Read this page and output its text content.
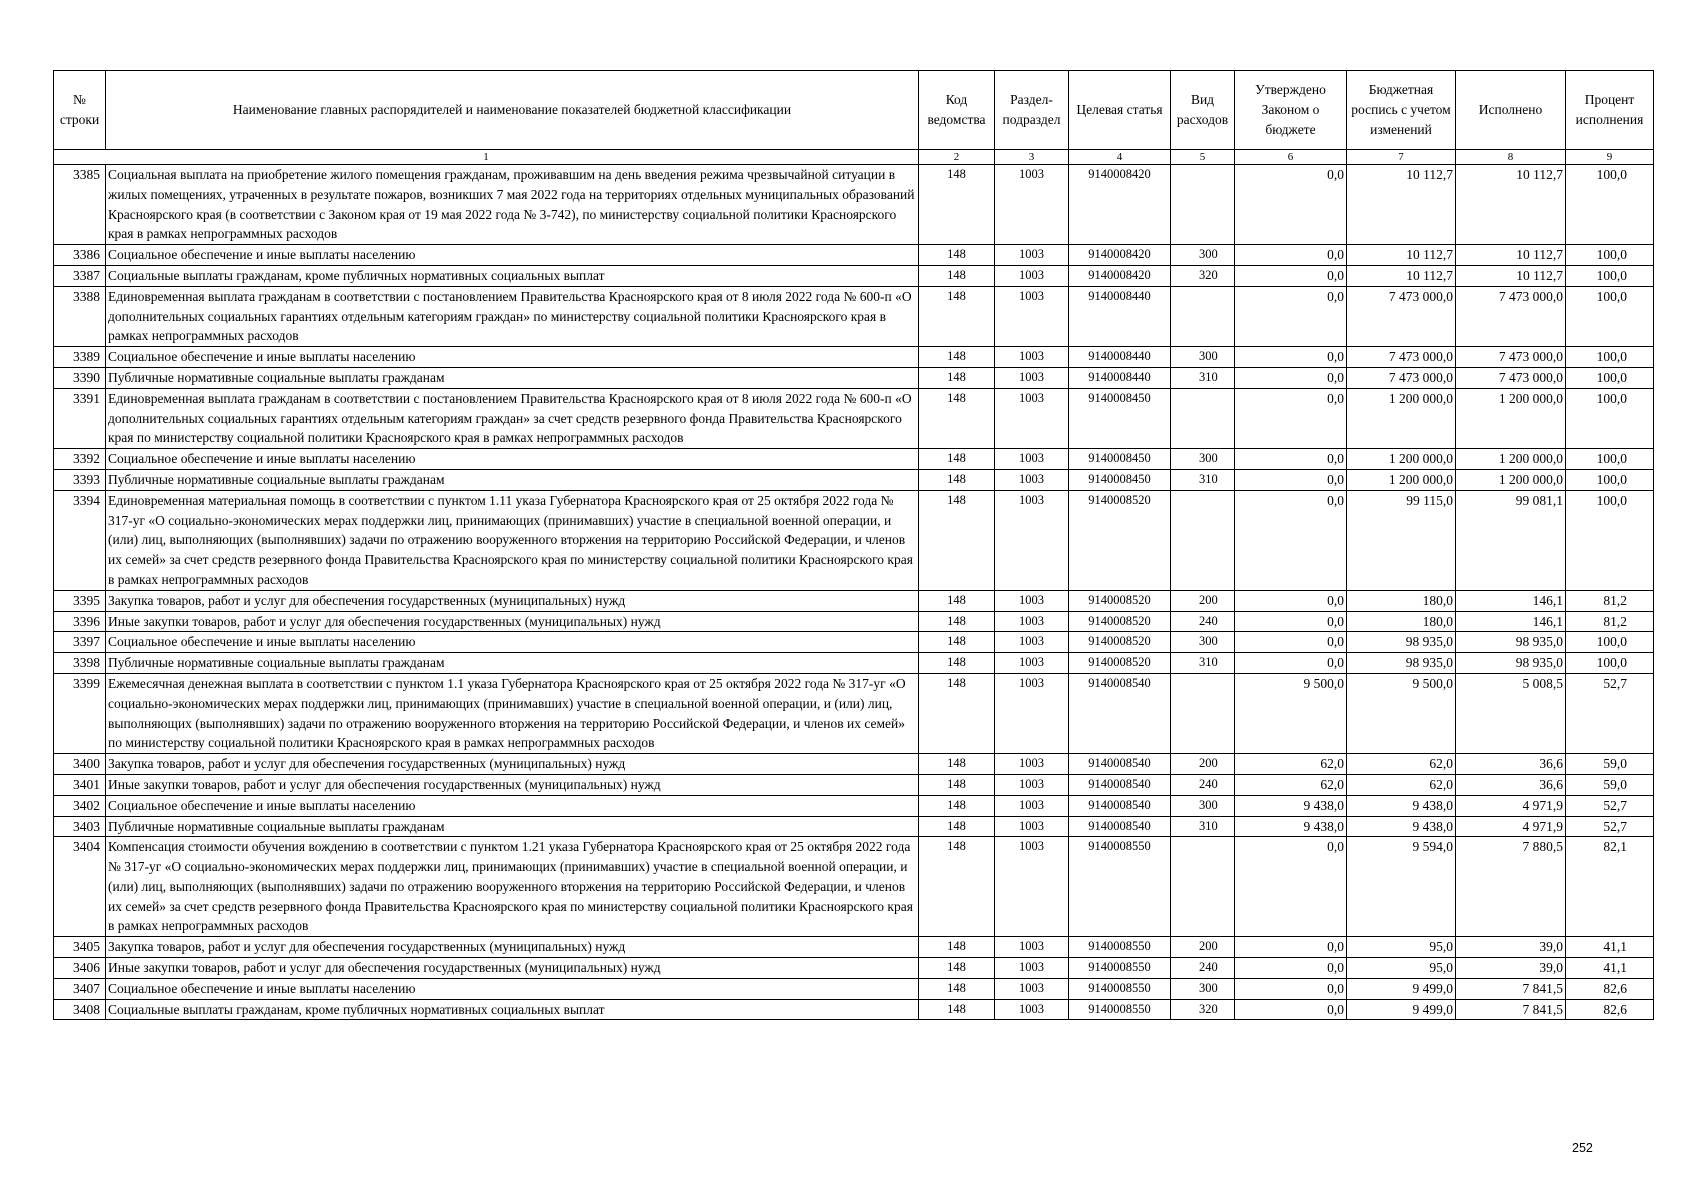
№ строки	Наименование главных распорядителей и наименование показателей бюджетной классификации	Код ведомства	Раздел-подраздел	Целевая статья	Вид расходов	Утверждено Законом о бюджете	Бюджетная роспись с учетом изменений	Исполнено	Процент исполнения
1		2	3	4	5	6	7	8	9
3385	Социальная выплата на приобретение жилого помещения гражданам, проживавшим на день введения режима чрезвычайной ситуации в жилых помещениях, утраченных в результате пожаров, возникших 7 мая 2022 года на территориях отдельных муниципальных образований Красноярского края (в соответствии с Законом края от 19 мая 2022 года № 3-742), по министерству социальной политики Красноярского края в рамках непрограммных расходов	148	1003	9140008420		0,0	10 112,7	10 112,7	100,0
3386	Социальное обеспечение и иные выплаты населению	148	1003	9140008420	300	0,0	10 112,7	10 112,7	100,0
3387	Социальные выплаты гражданам, кроме публичных нормативных социальных выплат	148	1003	9140008420	320	0,0	10 112,7	10 112,7	100,0
3388	Единовременная выплата гражданам в соответствии с постановлением Правительства Красноярского края от 8 июля 2022 года № 600-п «О дополнительных социальных гарантиях отдельным категориям граждан» по министерству социальной политики Красноярского края в рамках непрограммных расходов	148	1003	9140008440		0,0	7 473 000,0	7 473 000,0	100,0
3389	Социальное обеспечение и иные выплаты населению	148	1003	9140008440	300	0,0	7 473 000,0	7 473 000,0	100,0
3390	Публичные нормативные социальные выплаты гражданам	148	1003	9140008440	310	0,0	7 473 000,0	7 473 000,0	100,0
3391	Единовременная выплата гражданам в соответствии с постановлением Правительства Красноярского края от 8 июля 2022 года № 600-п «О дополнительных социальных гарантиях отдельным категориям граждан» за счет средств резервного фонда Правительства Красноярского края по министерству социальной политики Красноярского края в рамках непрограммных расходов	148	1003	9140008450		0,0	1 200 000,0	1 200 000,0	100,0
3392	Социальное обеспечение и иные выплаты населению	148	1003	9140008450	300	0,0	1 200 000,0	1 200 000,0	100,0
3393	Публичные нормативные социальные выплаты гражданам	148	1003	9140008450	310	0,0	1 200 000,0	1 200 000,0	100,0
3394	Единовременная материальная помощь в соответствии с пунктом 1.11 указа Губернатора Красноярского края от 25 октября 2022 года № 317-уг «О социально-экономических мерах поддержки лиц, принимающих (принимавших) участие в специальной военной операции, и (или) лиц, выполняющих (выполнявших) задачи по отражению вооруженного вторжения на территорию Российской Федерации, и членов их семей» за счет средств резервного фонда Правительства Красноярского края по министерству социальной политики Красноярского края в рамках непрограммных расходов	148	1003	9140008520		0,0	99 115,0	99 081,1	100,0
3395	Закупка товаров, работ и услуг для обеспечения государственных (муниципальных) нужд	148	1003	9140008520	200	0,0	180,0	146,1	81,2
3396	Иные закупки товаров, работ и услуг для обеспечения государственных (муниципальных) нужд	148	1003	9140008520	240	0,0	180,0	146,1	81,2
3397	Социальное обеспечение и иные выплаты населению	148	1003	9140008520	300	0,0	98 935,0	98 935,0	100,0
3398	Публичные нормативные социальные выплаты гражданам	148	1003	9140008520	310	0,0	98 935,0	98 935,0	100,0
3399	Ежемесячная денежная выплата в соответствии с пунктом 1.1 указа Губернатора Красноярского края от 25 октября 2022 года № 317-уг «О социально-экономических мерах поддержки лиц, принимающих (принимавших) участие в специальной военной операции, и (или) лиц, выполняющих (выполнявших) задачи по отражению вооруженного вторжения на территорию Российской Федерации, и членов их семей» по министерству социальной политики Красноярского края в рамках непрограммных расходов	148	1003	9140008540		9 500,0	9 500,0	5 008,5	52,7
3400	Закупка товаров, работ и услуг для обеспечения государственных (муниципальных) нужд	148	1003	9140008540	200	62,0	62,0	36,6	59,0
3401	Иные закупки товаров, работ и услуг для обеспечения государственных (муниципальных) нужд	148	1003	9140008540	240	62,0	62,0	36,6	59,0
3402	Социальное обеспечение и иные выплаты населению	148	1003	9140008540	300	9 438,0	9 438,0	4 971,9	52,7
3403	Публичные нормативные социальные выплаты гражданам	148	1003	9140008540	310	9 438,0	9 438,0	4 971,9	52,7
3404	Компенсация стоимости обучения вождению в соответствии с пунктом 1.21 указа Губернатора Красноярского края от 25 октября 2022 года № 317-уг «О социально-экономических мерах поддержки лиц, принимающих (принимавших) участие в специальной военной операции, и (или) лиц, выполняющих (выполнявших) задачи по отражению вооруженного вторжения на территорию Российской Федерации, и членов их семей» за счет средств резервного фонда Правительства Красноярского края по министерству социальной политики Красноярского края в рамках непрограммных расходов	148	1003	9140008550		0,0	9 594,0	7 880,5	82,1
3405	Закупка товаров, работ и услуг для обеспечения государственных (муниципальных) нужд	148	1003	9140008550	200	0,0	95,0	39,0	41,1
3406	Иные закупки товаров, работ и услуг для обеспечения государственных (муниципальных) нужд	148	1003	9140008550	240	0,0	95,0	39,0	41,1
3407	Социальное обеспечение и иные выплаты населению	148	1003	9140008550	300	0,0	9 499,0	7 841,5	82,6
3408	Социальные выплаты гражданам, кроме публичных нормативных социальных выплат	148	1003	9140008550	320	0,0	9 499,0	7 841,5	82,6
252
